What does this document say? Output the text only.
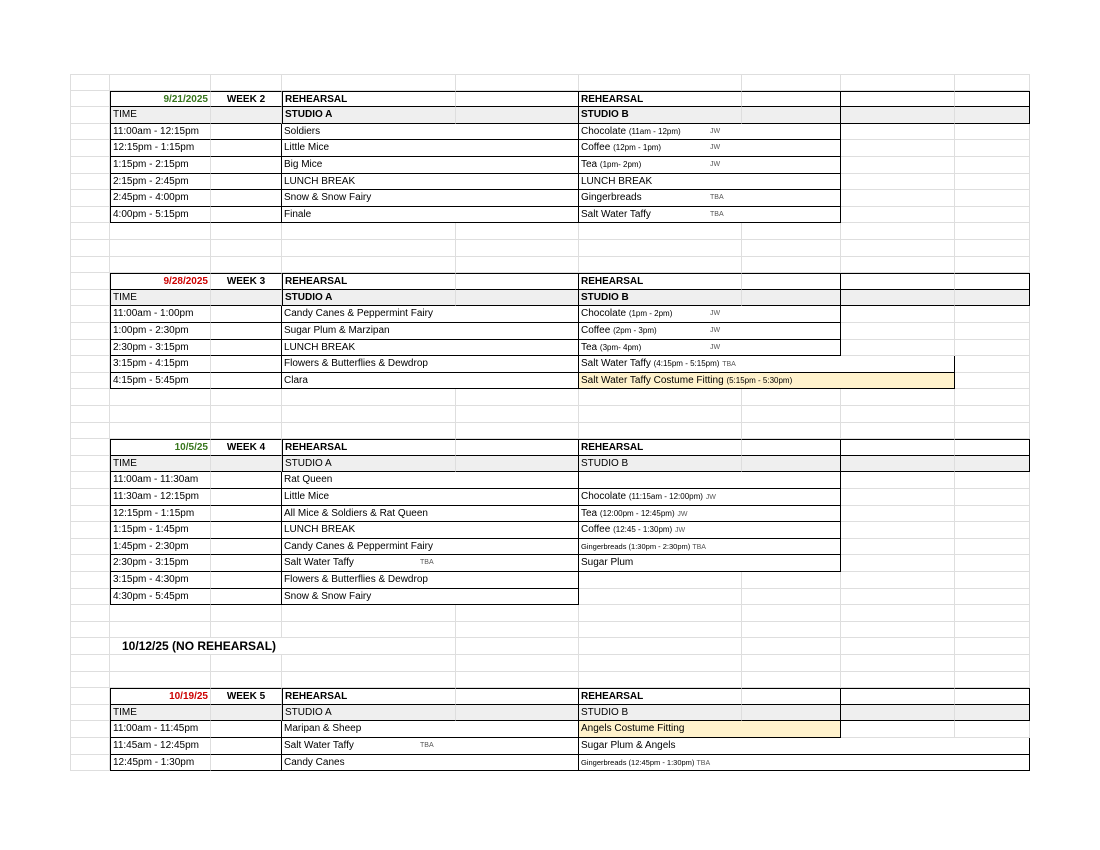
9/21/2025	WEEK 2	REHEARSAL	REHEARSAL
TIME	STUDIO A	STUDIO B
11:00am - 12:15pm	Soldiers	Chocolate (11am - 12pm)	JW
12:15pm - 1:15pm	Little Mice	Coffee (12pm - 1pm)	JW
1:15pm - 2:15pm	Big Mice	Tea (1pm- 2pm)	JW
2:15pm - 2:45pm	LUNCH BREAK	LUNCH BREAK
2:45pm - 4:00pm	Snow & Snow Fairy	Gingerbreads	TBA
4:00pm - 5:15pm	Finale	Salt Water Taffy	TBA
9/28/2025	WEEK 3	REHEARSAL	REHEARSAL
TIME	STUDIO A	STUDIO B
11:00am - 1:00pm	Candy Canes & Peppermint Fairy	Chocolate (1pm - 2pm)	JW
1:00pm - 2:30pm	Sugar Plum & Marzipan	Coffee (2pm - 3pm)	JW
2:30pm - 3:15pm	LUNCH BREAK	Tea (3pm- 4pm)	JW
3:15pm - 4:15pm	Flowers & Butterflies & Dewdrop	Salt Water Taffy (4:15pm - 5:15pm) TBA
4:15pm - 5:45pm	Clara	Salt Water Taffy Costume Fitting (5:15pm - 5:30pm)
10/5/25	WEEK 4	REHEARSAL	REHEARSAL
TIME	STUDIO A	STUDIO B
11:00am - 11:30am	Rat Queen
11:30am - 12:15pm	Little Mice	Chocolate (11:15am - 12:00pm) JW
12:15pm - 1:15pm	All Mice & Soldiers & Rat Queen	Tea (12:00pm - 12:45pm) JW
1:15pm - 1:45pm	LUNCH BREAK	Coffee (12:45 - 1:30pm) JW
1:45pm - 2:30pm	Candy Canes & Peppermint Fairy	Gingerbreads (1:30pm - 2:30pm) TBA
2:30pm - 3:15pm	Salt Water Taffy	TBA	Sugar Plum
3:15pm - 4:30pm	Flowers & Butterflies & Dewdrop
4:30pm - 5:45pm	Snow & Snow Fairy
10/12/25 (NO REHEARSAL)
10/19/25	WEEK 5	REHEARSAL	REHEARSAL
TIME	STUDIO A	STUDIO B
11:00am - 11:45pm	Maripan & Sheep	Angels Costume Fitting
11:45am - 12:45pm	Salt Water Taffy	TBA	Sugar Plum & Angels
12:45pm - 1:30pm	Candy Canes	Gingerbreads (12:45pm - 1:30pm) TBA
